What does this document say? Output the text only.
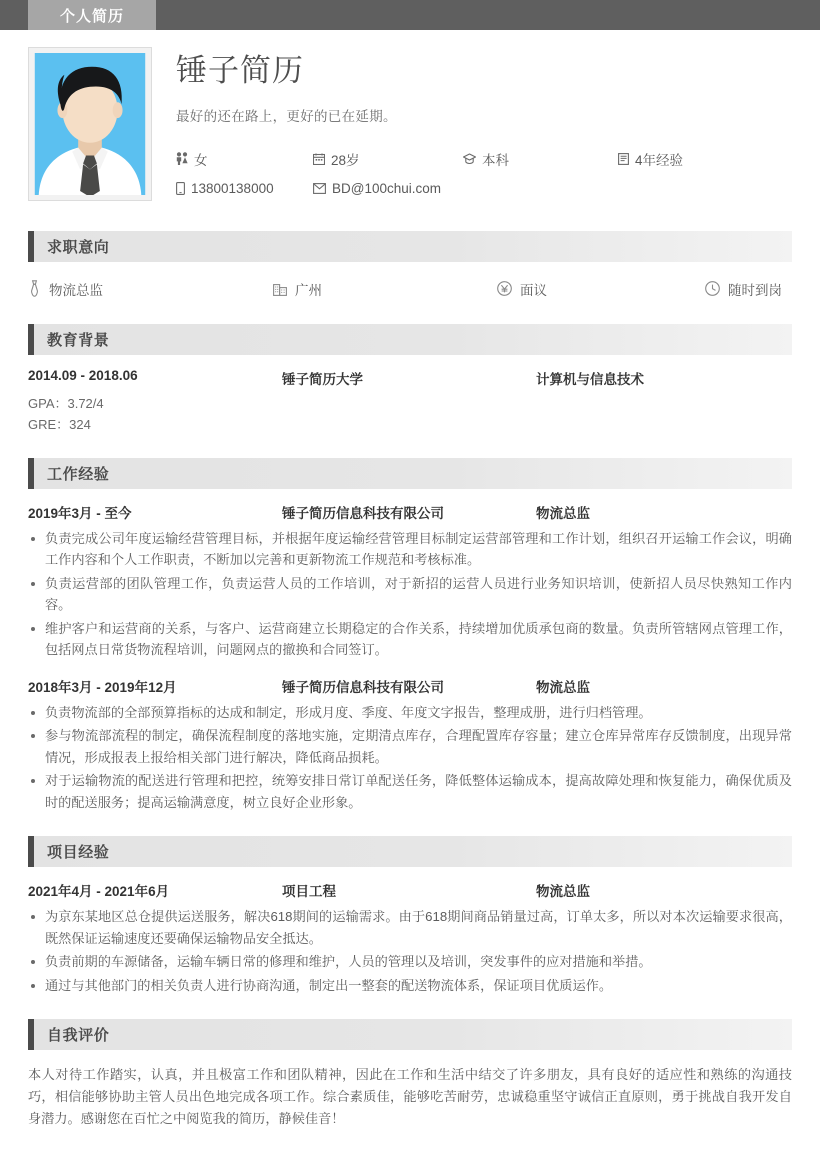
个人简历
锤子简历
最好的还在路上，更好的已在延期。
女	28岁	本科	4年经验
13800138000	BD@100chui.com
求职意向
物流总监	广州	面议	随时到岗
教育背景
2014.09 - 2018.06	锤子简历大学	计算机与信息技术
GPA：3.72/4
GRE：324
工作经验
2019年3月 - 至今	锤子简历信息科技有限公司	物流总监
负责完成公司年度运输经营管理目标，并根据年度运输经营管理目标制定运营部管理和工作计划，组织召开运输工作会议，明确工作内容和个人工作职责，不断加以完善和更新物流工作规范和考核标准。
负责运营部的团队管理工作，负责运营人员的工作培训，对于新招的运营人员进行业务知识培训，使新招人员尽快熟知工作内容。
维护客户和运营商的关系，与客户、运营商建立长期稳定的合作关系，持续增加优质承包商的数量。负责所管辖网点管理工作，包括网点日常货物流程培训，问题网点的撤换和合同签订。
2018年3月 - 2019年12月	锤子简历信息科技有限公司	物流总监
负责物流部的全部预算指标的达成和制定，形成月度、季度、年度文字报告，整理成册，进行归档管理。
参与物流部流程的制定，确保流程制度的落地实施，定期清点库存，合理配置库存容量；建立仓库异常库存反馈制度，出现异常情况，形成报表上报给相关部门进行解决，降低商品损耗。
对于运输物流的配送进行管理和把控，统筹安排日常订单配送任务，降低整体运输成本，提高故障处理和恢复能力，确保优质及时的配送服务；提高运输满意度，树立良好企业形象。
项目经验
2021年4月 - 2021年6月	项目工程	物流总监
为京东某地区总仓提供运送服务，解决618期间的运输需求。由于618期间商品销量过高，订单太多，所以对本次运输要求很高，既然保证运输速度还要确保运输物品安全抵达。
负责前期的车源储备，运输车辆日常的修理和维护，人员的管理以及培训，突发事件的应对措施和举措。
通过与其他部门的相关负责人进行协商沟通，制定出一整套的配送物流体系，保证项目优质运作。
自我评价
本人对待工作踏实，认真，并且极富工作和团队精神，因此在工作和生活中结交了许多朋友，具有良好的适应性和熟练的沟通技巧，相信能够协助主管人员出色地完成各项工作。综合素质佳，能够吃苦耐劳，忠诚稳重坚守诚信正直原则，勇于挑战自我开发自身潜力。感谢您在百忙之中阅览我的简历，静候佳音！
